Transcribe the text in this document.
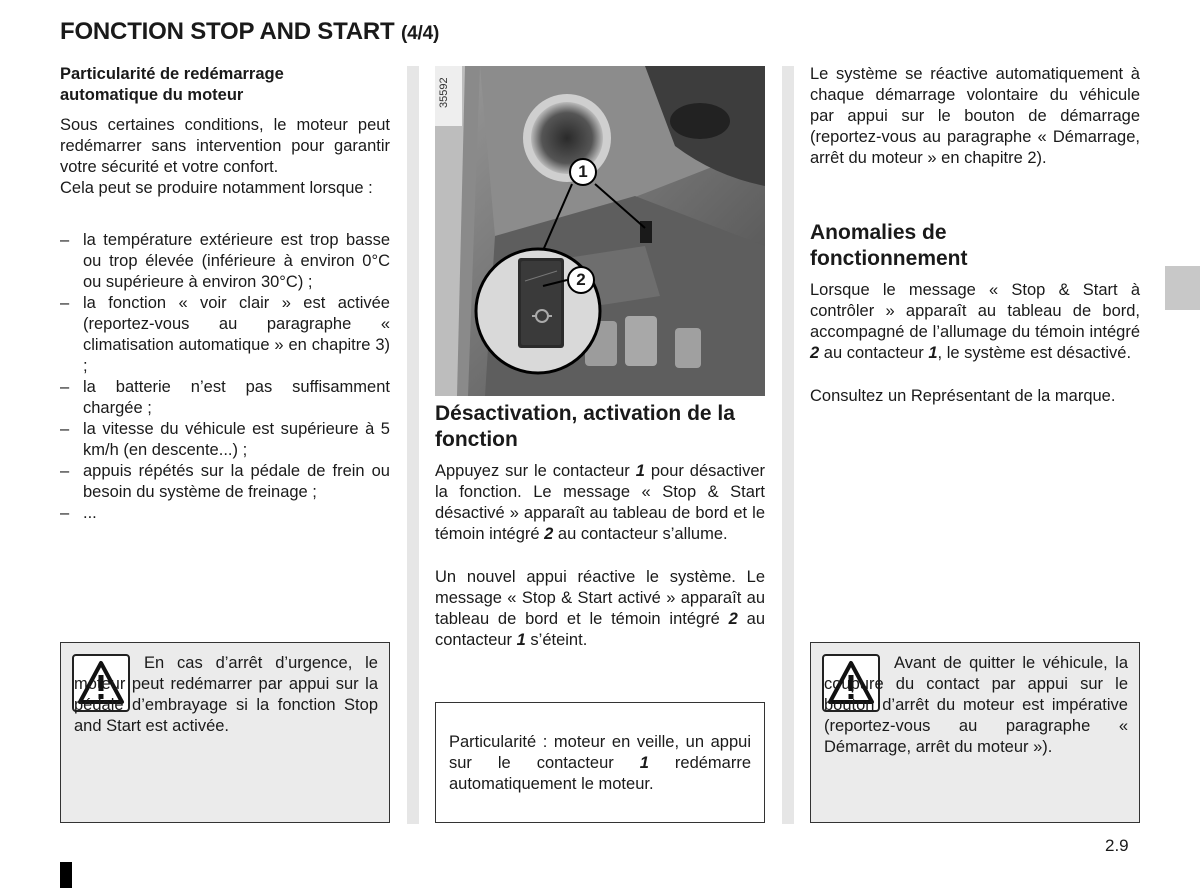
FONCTION STOP AND START (4/4)
Particularité de redémarrage automatique du moteur
Sous certaines conditions, le moteur peut redémarrer sans intervention pour garantir votre sécurité et votre confort.
Cela peut se produire notamment lorsque :
– la température extérieure est trop basse ou trop élevée (inférieure à environ 0°C ou supérieure à environ 30°C) ;
– la fonction « voir clair » est activée (reportez-vous au paragraphe « climatisation automatique » en chapitre 3) ;
– la batterie n’est pas suffisamment chargée ;
– la vitesse du véhicule est supérieure à 5 km/h (en descente...) ;
– appuis répétés sur la pédale de frein ou besoin du système de freinage ;
– ...
En cas d’arrêt d’urgence, le moteur peut redémarrer par appui sur la pédale d’embrayage si la fonction Stop and Start est activée.
35592
1
2
Désactivation, activation de la fonction
Appuyez sur le contacteur 1 pour désactiver la fonction. Le message « Stop & Start désactivé » apparaît au tableau de bord et le témoin intégré 2 au contacteur s’allume.
Un nouvel appui réactive le système. Le message « Stop & Start activé » apparaît au tableau de bord et le témoin intégré 2 au contacteur 1 s’éteint.
Particularité : moteur en veille, un appui sur le contacteur 1 redémarre automatiquement le moteur.
Le système se réactive automatiquement à chaque démarrage volontaire du véhicule par appui sur le bouton de démarrage (reportez-vous au paragraphe « Démarrage, arrêt du moteur » en chapitre 2).
Anomalies de fonctionnement
Lorsque le message « Stop & Start à contrôler » apparaît au tableau de bord, accompagné de l’allumage du témoin intégré 2 au contacteur 1, le système est désactivé.
Consultez un Représentant de la marque.
Avant de quitter le véhicule, la coupure du contact par appui sur le bouton d’arrêt du moteur est impérative (reportez-vous au paragraphe « Démarrage, arrêt du moteur »).
2.9
